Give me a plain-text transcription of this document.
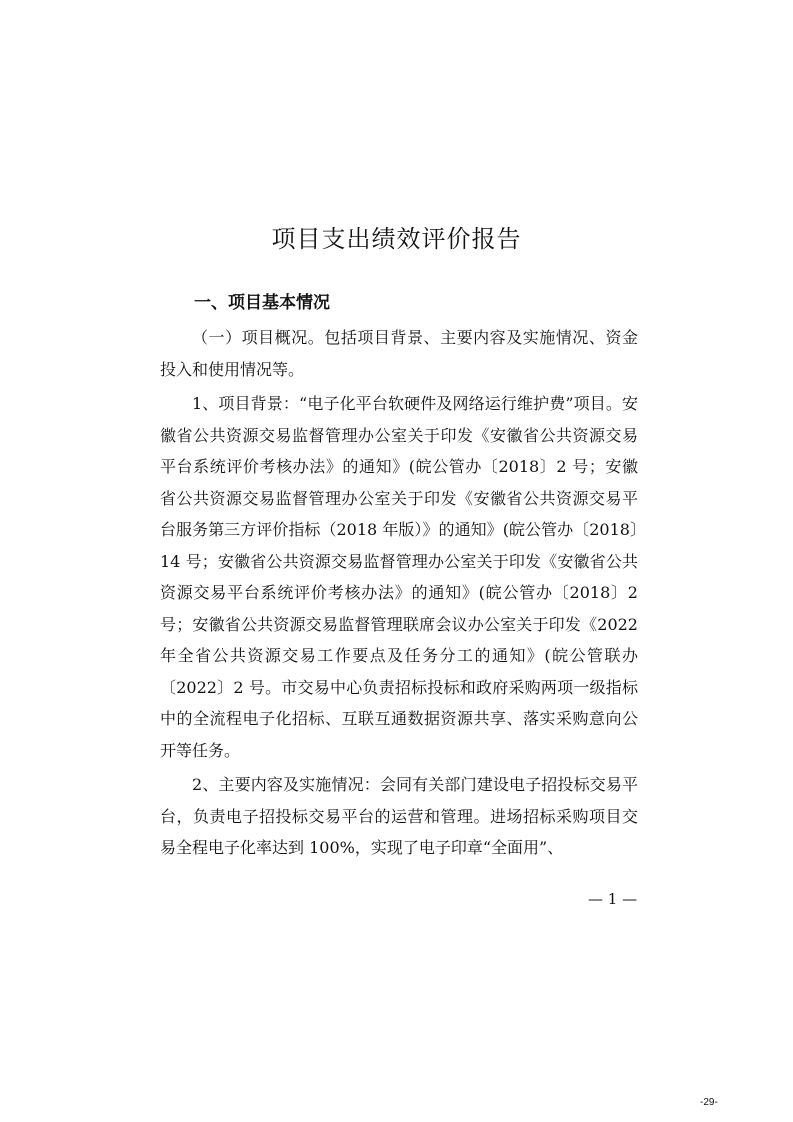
项目支出绩效评价报告
一、项目基本情况

（一）项目概况。包括项目背景、主要内容及实施情况、资金投入和使用情况等。

1、项目背景：“电子化平台软硬件及网络运行维护费”项目。安徽省公共资源交易监督管理办公室关于印发《安徽省公共资源交易平台系统评价考核办法》的通知》(皖公管办〔2018〕2 号；安徽省公共资源交易监督管理办公室关于印发《安徽省公共资源交易平台服务第三方评价指标（2018 年版）》的通知》(皖公管办〔2018〕14 号；安徽省公共资源交易监督管理办公室关于印发《安徽省公共资源交易平台系统评价考核办法》的通知》(皖公管办〔2018〕2 号；安徽省公共资源交易监督管理联席会议办公室关于印发《2022 年全省公共资源交易工作要点及任务分工的通知》(皖公管联办〔2022〕2 号。市交易中心负责招标投标和政府采购两项一级指标中的全流程电子化招标、互联互通数据资源共享、落实采购意向公开等任务。

2、主要内容及实施情况：会同有关部门建设电子招投标交易平台，负责电子招投标交易平台的运营和管理。进场招标采购项目交易全程电子化率达到 100%，实现了电子印章“全面用”、

— 1 —
-29-
